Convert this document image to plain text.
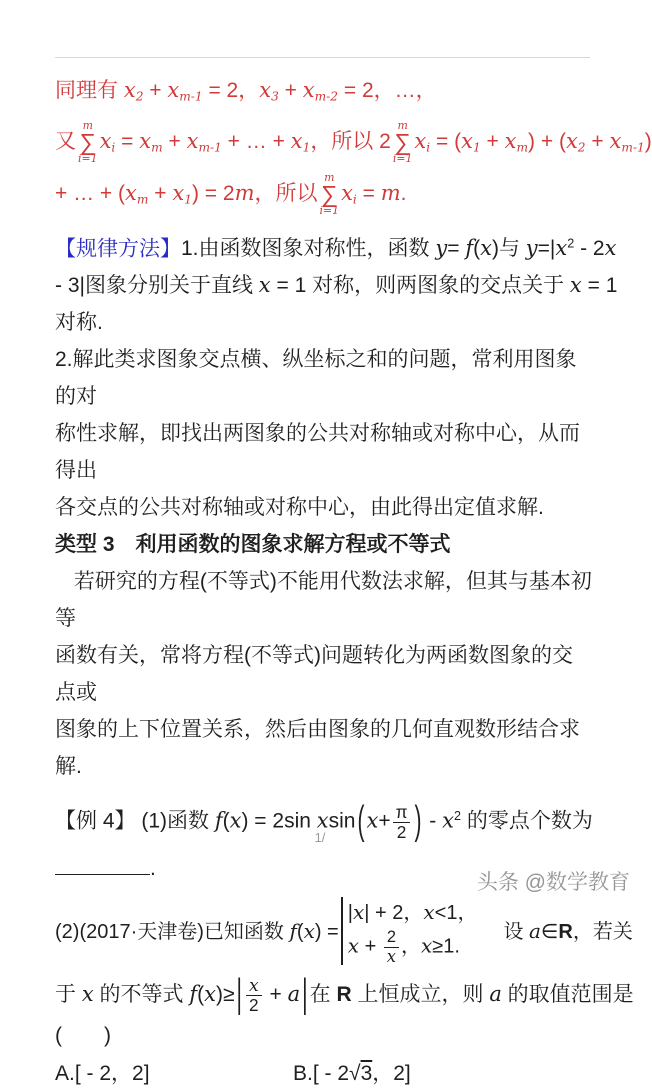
同理有 x2 + xm-1 = 2，x3 + xm-2 = 2，…，
又
m
∑
i=1
xi = xm + xm-1 + … + x1，所以 2
m
∑
i=1
xi = (x1 + xm) + (x2 + xm-1)
+ … + (xm + x1) = 2m，所以
m
∑
i=1
xi = m.
【规律方法】1.由函数图象对称性，函数 y= f(x)与 $y=|x^2 - 2x$
- 3|图象分别关于直线 x = 1 对称，则两图象的交点关于 x = 1
对称.
2.解此类求图象交点横、纵坐标之和的问题，常利用图象的对
称性求解，即找出两图象的公共对称轴或对称中心，从而得出
各交点的公共对称轴或对称中心，由此得出定值求解.
类型 3　利用函数的图象求解方程或不等式
若研究的方程(不等式)不能用代数法求解，但其与基本初等
函数有关，常将方程(不等式)问题转化为两函数图象的交点或
图象的上下位置关系，然后由图象的几何直观数形结合求解.
【例 4】 (1)函数 f(x) = 2sin $xsin(x+ \frac{\pi}{2}$ ) - $x^2$ 的零点个数为
.
(2)(2017·天津卷)已知函数 f(x) =
|x| + 2，x<1，
$x + \frac{2}{x}$ ，x≥1.
　设 a∈R，若关
于 x 的不等式 $f(x)\ge| \frac{x}{2} + a|$在 R 上恒成立，则 a 的取值范围是
(　　)
A.[ - 2，2]	B.[ - 2√3，2]
1/
头条 @数学教育
